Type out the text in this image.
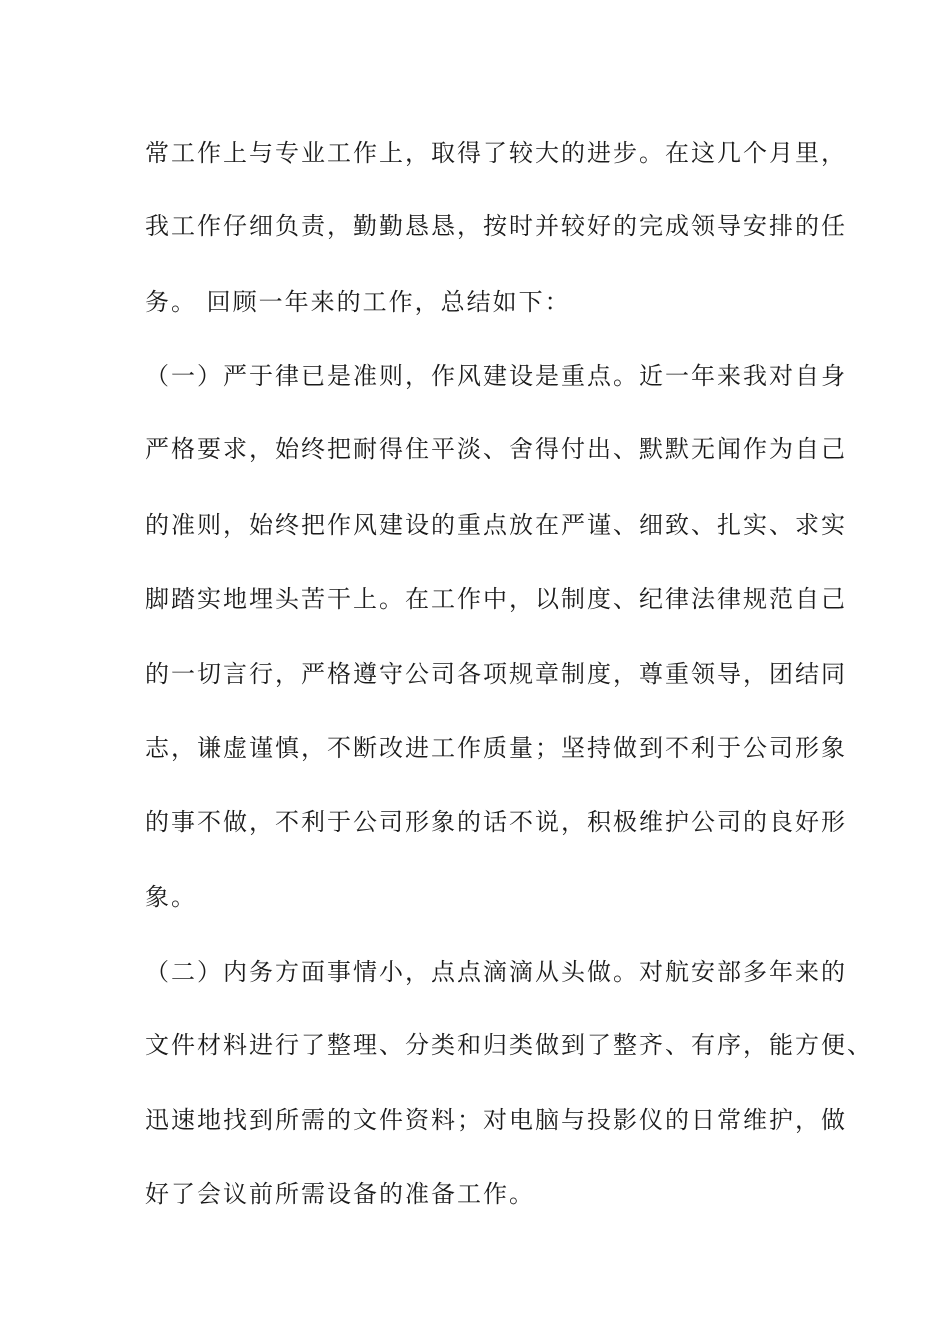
常工作上与专业工作上，取得了较大的进步。在这几个月里，
我工作仔细负责，勤勤恳恳，按时并较好的完成领导安排的任
务。 回顾一年来的工作，总结如下：
（一）严于律已是准则，作风建设是重点。近一年来我对自身
严格要求，始终把耐得住平淡、舍得付出、默默无闻作为自己
的准则，始终把作风建设的重点放在严谨、细致、扎实、求实
脚踏实地埋头苦干上。在工作中，以制度、纪律法律规范自己
的一切言行，严格遵守公司各项规章制度，尊重领导，团结同
志，谦虚谨慎，不断改进工作质量；坚持做到不利于公司形象
的事不做，不利于公司形象的话不说，积极维护公司的良好形
象。
（二）内务方面事情小，点点滴滴从头做。对航安部多年来的
文件材料进行了整理、分类和归类做到了整齐、有序，能方便、
迅速地找到所需的文件资料；对电脑与投影仪的日常维护，做
好了会议前所需设备的准备工作。
